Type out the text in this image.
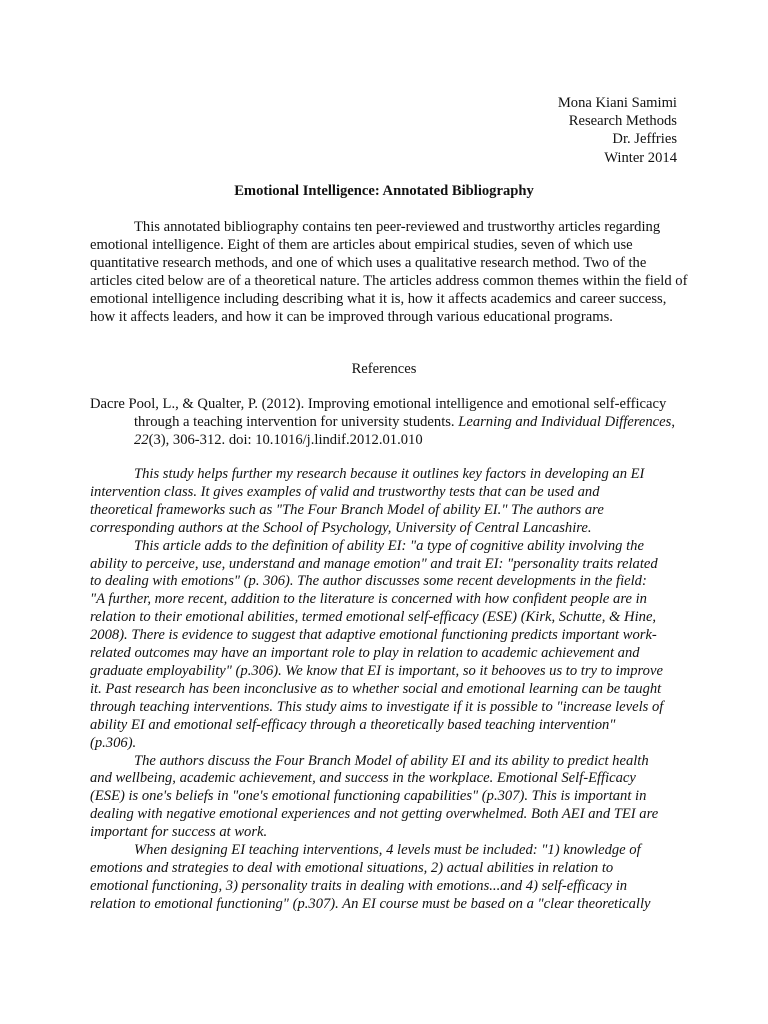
Mona Kiani Samimi
Research Methods
Dr. Jeffries
Winter 2014
Emotional Intelligence: Annotated Bibliography

This annotated bibliography contains ten peer-reviewed and trustworthy articles regarding emotional intelligence. Eight of them are articles about empirical studies, seven of which use quantitative research methods, and one of which uses a qualitative research method. Two of the articles cited below are of a theoretical nature. The articles address common themes within the field of emotional intelligence including describing what it is, how it affects academics and career success, how it affects leaders, and how it can be improved through various educational programs.

References
Dacre Pool, L., & Qualter, P. (2012). Improving emotional intelligence and emotional self-efficacy through a teaching intervention for university students. Learning and Individual Differences, 22(3), 306-312. doi: 10.1016/j.lindif.2012.01.010

This study helps further my research because it outlines key factors in developing an EI intervention class. It gives examples of valid and trustworthy tests that can be used and theoretical frameworks such as "The Four Branch Model of ability EI." The authors are corresponding authors at the School of Psychology, University of Central Lancashire.

This article adds to the definition of ability EI: "a type of cognitive ability involving the ability to perceive, use, understand and manage emotion" and trait EI: "personality traits related to dealing with emotions" (p. 306). The author discusses some recent developments in the field: "A further, more recent, addition to the literature is concerned with how confident people are in relation to their emotional abilities, termed emotional self-efficacy (ESE) (Kirk, Schutte, & Hine, 2008). There is evidence to suggest that adaptive emotional functioning predicts important work-related outcomes may have an important role to play in relation to academic achievement and graduate employability" (p.306). We know that EI is important, so it behooves us to try to improve it. Past research has been inconclusive as to whether social and emotional learning can be taught through teaching interventions. This study aims to investigate if it is possible to "increase levels of ability EI and emotional self-efficacy through a theoretically based teaching intervention" (p.306).

The authors discuss the Four Branch Model of ability EI and its ability to predict health and wellbeing, academic achievement, and success in the workplace. Emotional Self-Efficacy (ESE) is one's beliefs in "one's emotional functioning capabilities" (p.307). This is important in dealing with negative emotional experiences and not getting overwhelmed. Both AEI and TEI are important for success at work.

When designing EI teaching interventions, 4 levels must be included: "1) knowledge of emotions and strategies to deal with emotional situations, 2) actual abilities in relation to emotional functioning, 3) personality traits in dealing with emotions...and 4) self-efficacy in relation to emotional functioning" (p.307). An EI course must be based on a "clear theoretically
